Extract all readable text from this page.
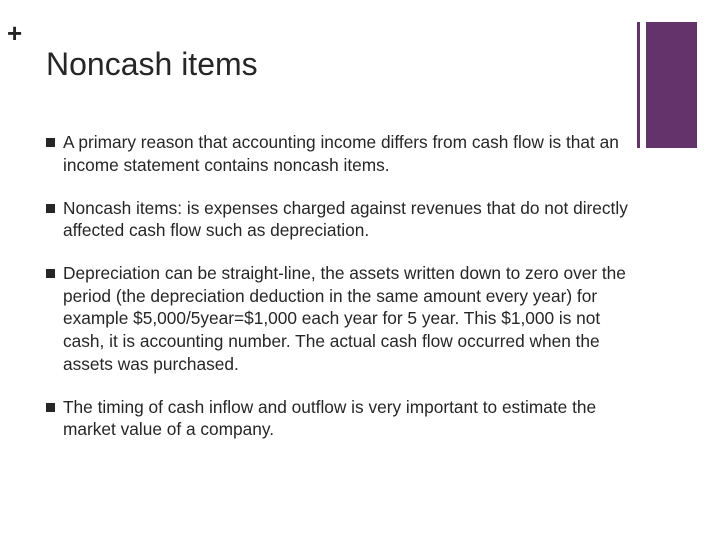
+
Noncash items
A primary reason that accounting income differs from cash flow is that an income statement contains noncash items.
Noncash items: is expenses charged against revenues that do not directly affected cash flow such as depreciation.
Depreciation can be straight-line, the assets written down to zero over the period (the depreciation deduction in the same amount every year) for example $5,000/5year=$1,000 each year for 5 year. This $1,000 is not cash, it is accounting number. The actual cash flow occurred when the assets was purchased.
The timing of cash inflow and outflow is very important to estimate the market value of a company.
